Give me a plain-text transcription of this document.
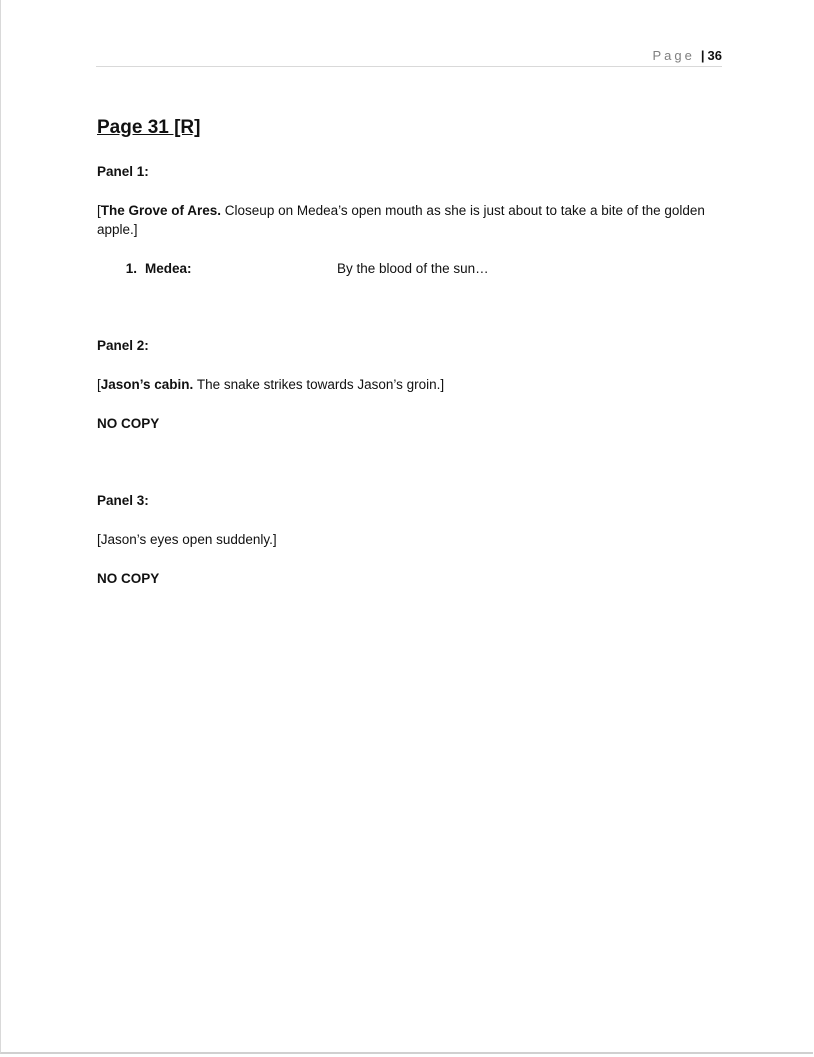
Page | 36
Page 31 [R]

Panel 1:

[The Grove of Ares. Closeup on Medea’s open mouth as she is just about to take a bite of the golden apple.]

1. Medea:	By the blood of the sun…

Panel 2:

[Jason’s cabin. The snake strikes towards Jason’s groin.]

NO COPY

Panel 3:

[Jason’s eyes open suddenly.]

NO COPY
